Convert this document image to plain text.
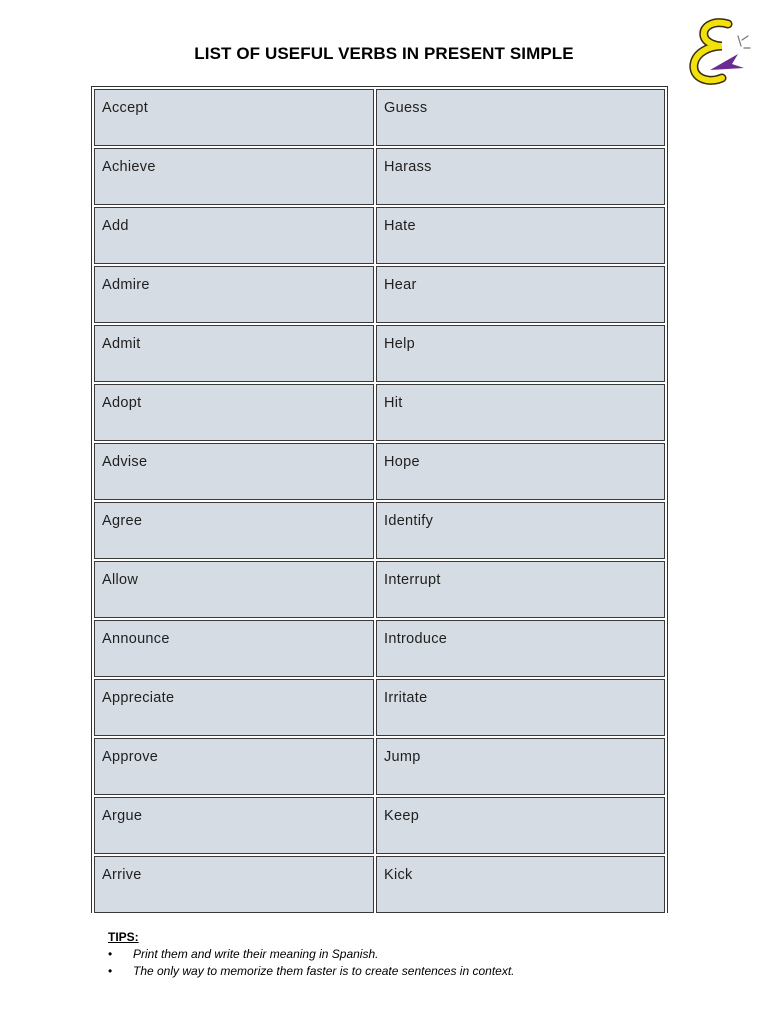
LIST OF USEFUL VERBS IN PRESENT SIMPLE
Accept	Guess
Achieve	Harass
Add	Hate
Admire	Hear
Admit	Help
Adopt	Hit
Advise	Hope
Agree	Identify
Allow	Interrupt
Announce	Introduce
Appreciate	Irritate
Approve	Jump
Argue	Keep
Arrive	Kick
TIPS:
• Print them and write their meaning in Spanish.
• The only way to memorize them faster is to create sentences in context.
